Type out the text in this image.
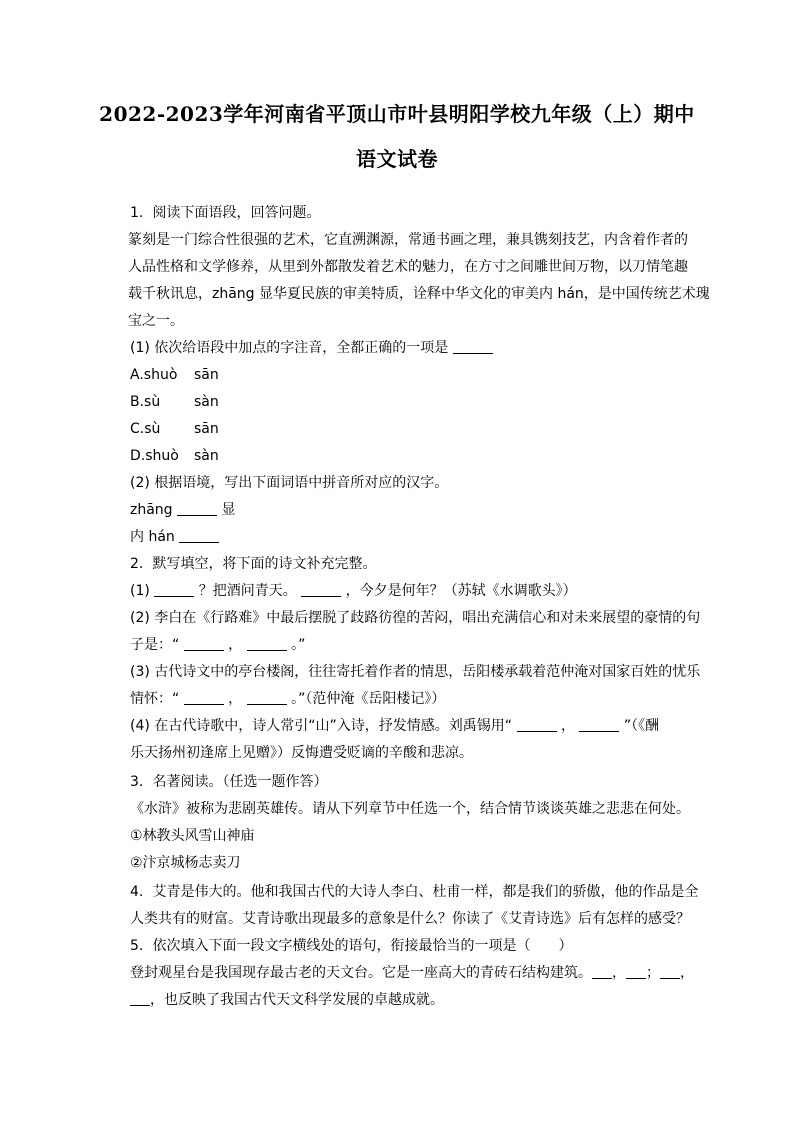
2022-2023学年河南省平顶山市叶县明阳学校九年级（上）期中
语文试卷
1. 阅读下面语段，回答问题。
篆刻是一门综合性很强的艺术，它直溯渊源，常通书画之理，兼具镌刻技艺，内含着作者的
人品性格和文学修养，从里到外都散发着艺术的魅力，在方寸之间雕世间万物，以刀情笔趣
载千秋讯息，zhāng 显华夏民族的审美特质，诠释中华文化的审美内 hán，是中国传统艺术瑰
宝之一。
(1) 依次给语段中加点的字注音，全都正确的一项是
A.shuò sān
B.sù sàn
C.sù sān
D.shuò sàn
(2) 根据语境，写出下面词语中拼音所对应的汉字。
zhāng	显
内 hán
2. 默写填空，将下面的诗文补充完整。
(1)	？把酒问青天。	，今夕是何年？（苏轼《水调歌头》）
(2) 李白在《行路难》中最后摆脱了歧路彷徨的苦闷，唱出充满信心和对未来展望的豪情的句
子是：“	，	。”
(3) 古代诗文中的亭台楼阁，往往寄托着作者的情思，岳阳楼承载着范仲淹对国家百姓的忧乐
情怀：“	，	。”（范仲淹《岳阳楼记》）
(4) 在古代诗歌中，诗人常引“山”入诗，抒发情感。刘禹锡用“	，	”（《酬
乐天扬州初逢席上见赠》）反悔遭受贬谪的辛酸和悲凉。
3. 名著阅读。（任选一题作答）
《水浒》被称为悲剧英雄传。请从下列章节中任选一个，结合情节谈谈英雄之悲悲在何处。
①林教头风雪山神庙
②汴京城杨志卖刀
4. 艾青是伟大的。他和我国古代的大诗人李白、杜甫一样，都是我们的骄傲，他的作品是全
人类共有的财富。艾青诗歌出现最多的意象是什么？你读了《艾青诗选》后有怎样的感受？
5. 依次填入下面一段文字横线处的语句，衔接最恰当的一项是（　　）
登封观星台是我国现存最古老的天文台。它是一座高大的青砖石结构建筑。 ， ； ，
，也反映了我国古代天文科学发展的卓越成就。
